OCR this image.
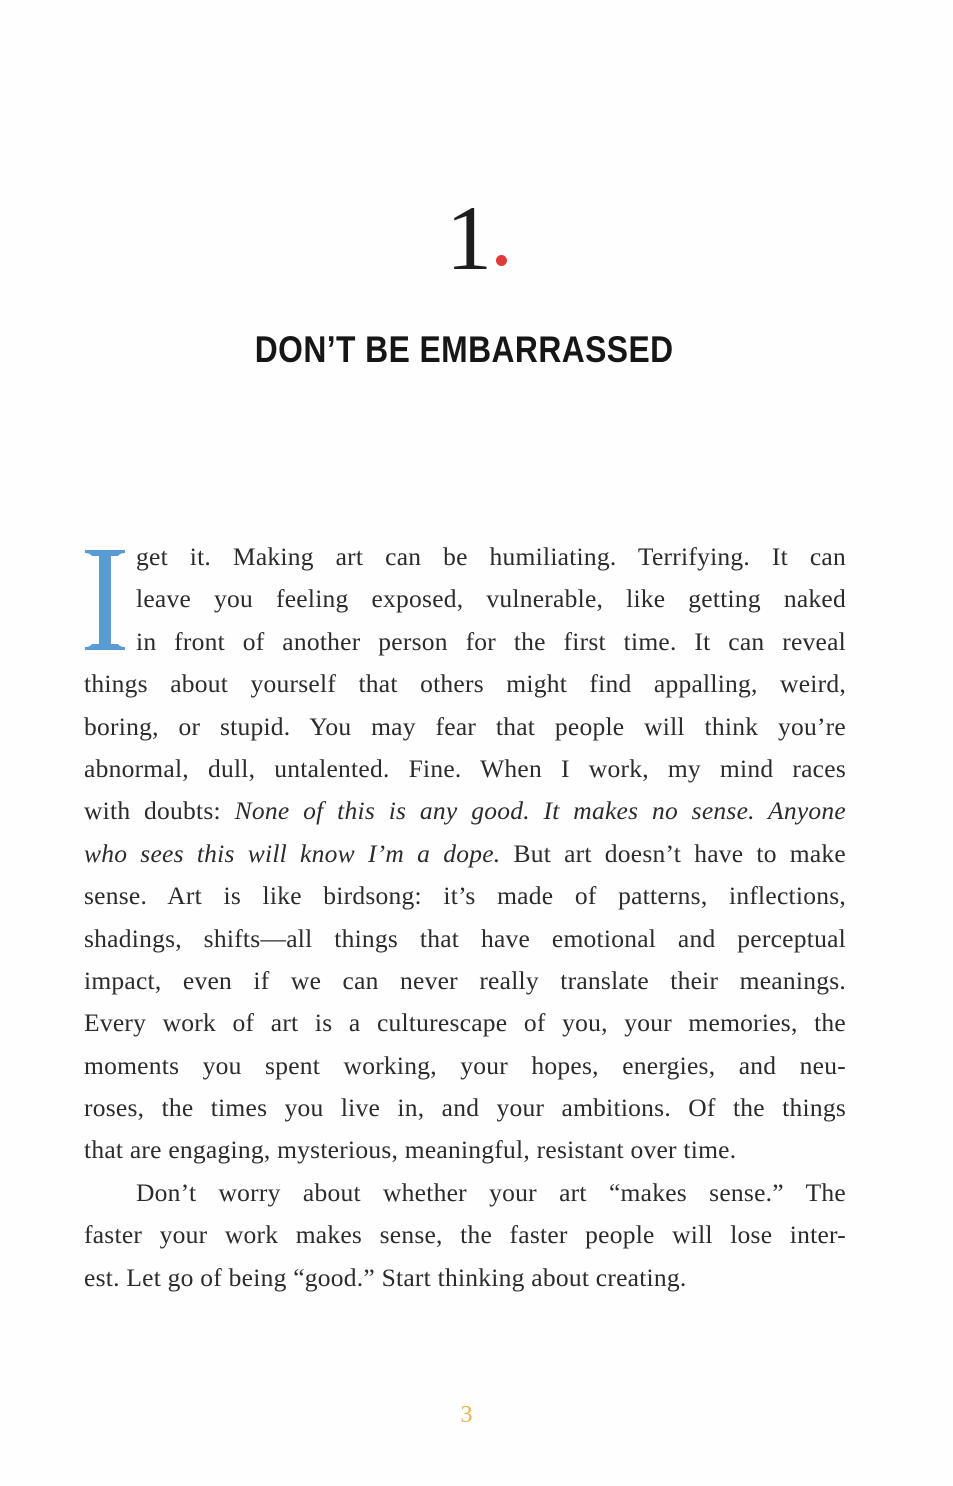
1
DON’T BE EMBARRASSED
get it. Making art can be humiliating. Terrifying. It can
leave you feeling exposed, vulnerable, like getting naked
in front of another person for the first time. It can reveal
things about yourself that others might find appalling, weird,
boring, or stupid. You may fear that people will think you’re
abnormal, dull, untalented. Fine. When I work, my mind races
with doubts: None of this is any good. It makes no sense. Anyone
who sees this will know I’m a dope. But art doesn’t have to make
sense. Art is like birdsong: it’s made of patterns, inflections,
shadings, shifts—all things that have emotional and perceptual
impact, even if we can never really translate their meanings.
Every work of art is a culturescape of you, your memories, the
moments you spent working, your hopes, energies, and neu-
roses, the times you live in, and your ambitions. Of the things
that are engaging, mysterious, meaningful, resistant over time.
Don’t worry about whether your art “makes sense.” The
faster your work makes sense, the faster people will lose inter-
est. Let go of being “good.” Start thinking about creating.
3
